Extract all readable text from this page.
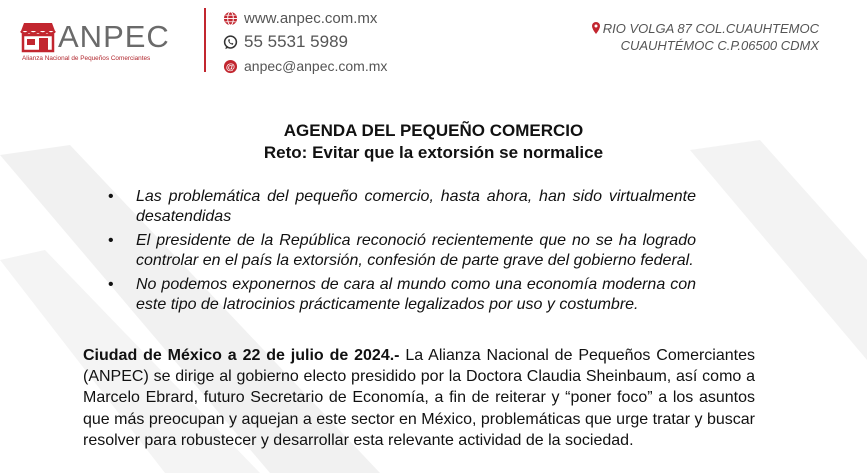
ANPEC
Alianza Nacional de Pequeños Comerciantes
www.anpec.com.mx
55 5531 5989
@ anpec@anpec.com.mx
RIO VOLGA 87 COL.CUAUHTEMOC
CUAUHTÉMOC C.P.06500 CDMX
AGENDA DEL PEQUEÑO COMERCIO
Reto: Evitar que la extorsión se normalice
• Las problemática del pequeño comercio, hasta ahora, han sido virtualmente desatendidas
• El presidente de la República reconoció recientemente que no se ha logrado controlar en el país la extorsión, confesión de parte grave del gobierno federal.
• No podemos exponernos de cara al mundo como una economía moderna con este tipo de latrocinios prácticamente legalizados por uso y costumbre.

Ciudad de México a 22 de julio de 2024.- La Alianza Nacional de Pequeños Comerciantes (ANPEC) se dirige al gobierno electo presidido por la Doctora Claudia Sheinbaum, así como a Marcelo Ebrard, futuro Secretario de Economía, a fin de reiterar y “poner foco” a los asuntos que más preocupan y aquejan a este sector en México, problemáticas que urge tratar y buscar resolver para robustecer y desarrollar esta relevante actividad de la sociedad.
